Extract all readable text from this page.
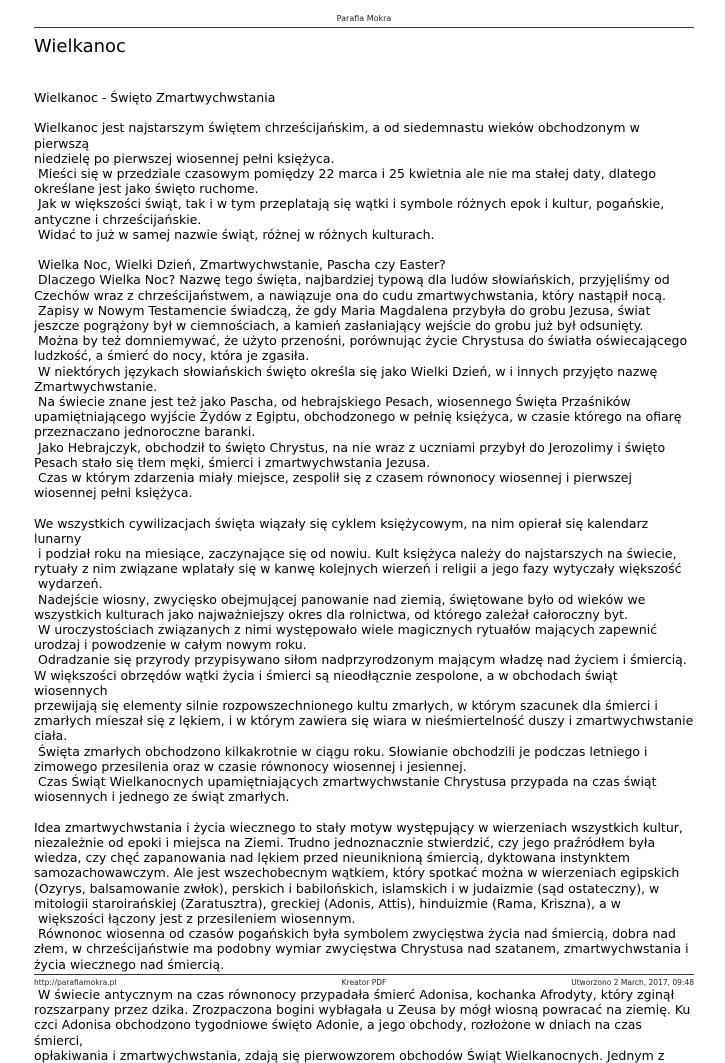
Parafia Mokra
Wielkanoc

Wielkanoc - Święto Zmartwychwstania

Wielkanoc jest najstarszym świętem chrześcijańskim, a od siedemnastu wieków obchodzonym w pierwszą
niedzielę po pierwszej wiosennej pełni księżyca.
Mieści się w przedziale czasowym pomiędzy 22 marca i 25 kwietnia ale nie ma stałej daty, dlatego
określane jest jako święto ruchome.
Jak w większości świąt, tak i w tym przeplatają się wątki i symbole różnych epok i kultur, pogańskie,
antyczne i chrześcijańskie.
Widać to już w samej nazwie świąt, różnej w różnych kulturach.
Wielka Noc, Wielki Dzień, Zmartwychwstanie, Pascha czy Easter?
Dlaczego Wielka Noc? Nazwę tego święta, najbardziej typową dla ludów słowiańskich, przyjęliśmy od
Czechów wraz z chrześcijaństwem, a nawiązuje ona do cudu zmartwychwstania, który nastąpił nocą.
Zapisy w Nowym Testamencie świadczą, że gdy Maria Magdalena przybyła do grobu Jezusa, świat
jeszcze pogrążony był w ciemnościach, a kamień zasłaniający wejście do grobu już był odsunięty.
Można by też domniemywać, że użyto przenośni, porównując życie Chrystusa do światła oświecającego
ludzkość, a śmierć do nocy, która je zgasiła.
W niektórych językach słowiańskich święto określa się jako Wielki Dzień, w i innych przyjęto nazwę
Zmartwychwstanie.
Na świecie znane jest też jako Pascha, od hebrajskiego Pesach, wiosennego Święta Przaśników
upamiętniającego wyjście Żydów z Egiptu, obchodzonego w pełnię księżyca, w czasie którego na ofiarę
przeznaczano jednoroczne baranki.
Jako Hebrajczyk, obchodził to święto Chrystus, na nie wraz z uczniami przybył do Jerozolimy i święto
Pesach stało się tłem męki, śmierci i zmartwychwstania Jezusa.
Czas w którym zdarzenia miały miejsce, zespolił się z czasem równonocy wiosennej i pierwszej
wiosennej pełni księżyca.
We wszystkich cywilizacjach święta wiązały się cyklem księżycowym, na nim opierał się kalendarz lunarny
i podział roku na miesiące, zaczynające się od nowiu. Kult księżyca należy do najstarszych na świecie,
rytuały z nim związane wplatały się w kanwę kolejnych wierzeń i religii a jego fazy wytyczały większość
wydarzeń.
Nadejście wiosny, zwycięsko obejmującej panowanie nad ziemią, świętowane było od wieków we
wszystkich kulturach jako najważniejszy okres dla rolnictwa, od którego zależał całoroczny byt.
W uroczystościach związanych z nimi występowało wiele magicznych rytuałów mających zapewnić
urodzaj i powodzenie w całym nowym roku.
Odradzanie się przyrody przypisywano siłom nadprzyrodzonym mającym władzę nad życiem i śmiercią.
W większości obrzędów wątki życia i śmierci są nieodłącznie zespolone, a w obchodach świąt wiosennych
przewijają się elementy silnie rozpowszechnionego kultu zmarłych, w którym szacunek dla śmierci i
zmarłych mieszał się z lękiem, i w którym zawiera się wiara w nieśmiertelność duszy i zmartwychwstanie
ciała.
Święta zmarłych obchodzono kilkakrotnie w ciągu roku. Słowianie obchodzili je podczas letniego i
zimowego przesilenia oraz w czasie równonocy wiosennej i jesiennej.
Czas Świąt Wielkanocnych upamiętniających zmartwychwstanie Chrystusa przypada na czas świąt
wiosennych i jednego ze świąt zmarłych.
Idea zmartwychwstania i życia wiecznego to stały motyw występujący w wierzeniach wszystkich kultur,
niezależnie od epoki i miejsca na Ziemi. Trudno jednoznacznie stwierdzić, czy jego praźródłem była
wiedza, czy chęć zapanowania nad lękiem przed nieuniknioną śmiercią, dyktowana instynktem
samozachowawczym. Ale jest wszechobecnym wątkiem, który spotkać można w wierzeniach egipskich
(Ozyrys, balsamowanie zwłok), perskich i babilońskich, islamskich i w judaizmie (sąd ostateczny), w
mitologii staroirańskiej (Zaratusztra), greckiej (Adonis, Attis), hinduizmie (Rama, Kriszna), a w
większości łączony jest z przesileniem wiosennym.
Równonoc wiosenna od czasów pogańskich była symbolem zwycięstwa życia nad śmiercią, dobra nad
złem, w chrześcijaństwie ma podobny wymiar zwycięstwa Chrystusa nad szatanem, zmartwychwstania i
życia wiecznego nad śmiercią.
W świecie antycznym na czas równonocy przypadała śmierć Adonisa, kochanka Afrodyty, który zginął
rozszarpany przez dzika. Zrozpaczona bogini wybłagała u Zeusa by mógł wiosną powracać na ziemię. Ku
czci Adonisa obchodzono tygodniowe święto Adonie, a jego obchody, rozłożone w dniach na czas śmierci,
opłakiwania i zmartwychwstania, zdają się pierwowzorem obchodów Świąt Wielkanocnych. Jednym z
Kreator PDF
http://parafiamokra.pl	Utworzono 2 March, 2017, 09:48
